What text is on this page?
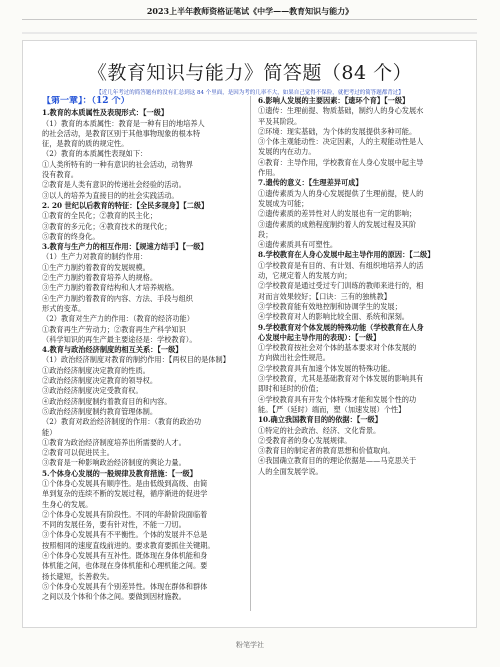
2023上半年教师资格证笔试《中学——教育知识与能力》
《教育知识与能力》简答题（84 个）
【近几年考过的简答题有的没有汇总到这 84 个里面，是因为考的几率不大，如果自己觉得不保险，就把考过的简答题都背过】
【第一章】：（12 个）
1.教育的本质属性及表现形式：【一级】
（1）教育的本质属性：教育是一种有目的地培养人
的社会活动，是教育区别于其他事物现象的根本特
征，是教育的质的规定性。
（2）教育的本质属性表现如下：
①人类所特有的一种有意识的社会活动，动物界
没有教育。
②教育是人类有意识的传递社会经验的活动。
③以人的培养为直接目的的社会实践活动。
2. 20 世纪以后教育的特征：【全民多现身】【二级】
①教育的全民化；②教育的民主化；
③教育的多元化；④教育技术的现代化；
⑤教育的终身化。
3.教育与生产力的相互作用：【规速方结手】【一级】
（1）生产力对教育的制约作用：
①生产力制约着教育的发展规模。
②生产力制约着教育培养人的规格。
③生产力制约着教育结构和人才培养规格。
④生产力制约着教育的内容、方法、手段与组织
形式的变革。
（2）教育对生产力的作用：（教育的经济功能）
①教育再生产劳动力；②教育再生产科学知识
（科学知识的再生产最主要途径是：学校教育）。
4.教育与政治经济制度的相互关系：【一级】
（1）政治经济制度对教育的制约作用：【两权目的是体制】
①政治经济制度决定教育的性质。
②政治经济制度决定教育的领导权。
③政治经济制度决定受教育权。
④政治经济制度制约着教育目的和内容。
⑤政治经济制度制约教育管理体制。
（2）教育对政治经济制度的作用：（教育的政治功
能）
①教育为政治经济制度培养出所需要的人才。
②教育可以促进民主。
③教育是一种影响政治经济制度的舆论力量。
5.个体身心发展的一般规律及教育措施：【一级】
①个体身心发展具有顺序性。是由低级到高级、由简
单到复杂的连续不断的发展过程，循序渐进的促进学
生身心的发展。
②个体身心发展具有阶段性。不同的年龄阶段面临着
不同的发展任务，要有针对性，不能一刀切。
③个体身心发展具有不平衡性。个体的发展并不总是
按照相同的速度直线前进的。要求教育要抓住关键期。
④个体身心发展具有互补性。既体现在身体机能和身
体机能之间，也体现在身体机能和心理机能之间。要
扬长避短，长善救失。
⑤个体身心发展具有个别差异性。体现在群体和群体
之间以及个体和个体之间。要做到因材施教。
6.影响人发展的主要因素：【遗环个育】【一级】
①遗传：生理前提、物质基础，制约人的身心发展水
平及其阶段。
②环境：现实基础，为个体的发展提供多种可能。
③个体主观能动性：决定因素，人的主观能动性是人
发展的内在动力。
④教育：主导作用，学校教育在人身心发展中起主导
作用。
7.遗传的意义：【生理差异可成】
①遗传素质为人的身心发展提供了生理前提，使人的
发展成为可能；
②遗传素质的差异性对人的发展也有一定的影响；
③遗传素质的成熟程度制约着人的发展过程及其阶
段；
④遗传素质具有可塑性。
8.学校教育在人身心发展中起主导作用的原因：【二级】
①学校教育是有目的、有计划、有组织地培养人的活
动，它规定着人的发展方向；
②学校教育是通过受过专门训练的教师来进行的，相
对而言效果较好；【口诀：三有的独桃教】
③学校教育能有效地控制和协调学生的发展；
④学校教育对人的影响比较全面、系统和深刻。
9.学校教育对个体发展的特殊功能（学校教育在人身
心发展中起主导作用的表现）：【一级】
①学校教育按社会对个体的基本要求对个体发展的
方向做出社会性规范。
②学校教育具有加速个体发展的特殊功能。
③学校教育，尤其是基础教育对个体发展的影响具有
即时和延时的价值；
④学校教育具有开发个体特殊才能和发展个性的功
能。【严（延时）端而，塑（加速发展）个性】
10.确立我国教育目的的依据：【一级】
①特定的社会政治、经济、文化背景。
②受教育者的身心发展规律。
③教育目的制定者的教育思想和价值取向。
④我国确立教育目的的理论依据是——马克思关于
人的全面发展学说。
粉笔学社
